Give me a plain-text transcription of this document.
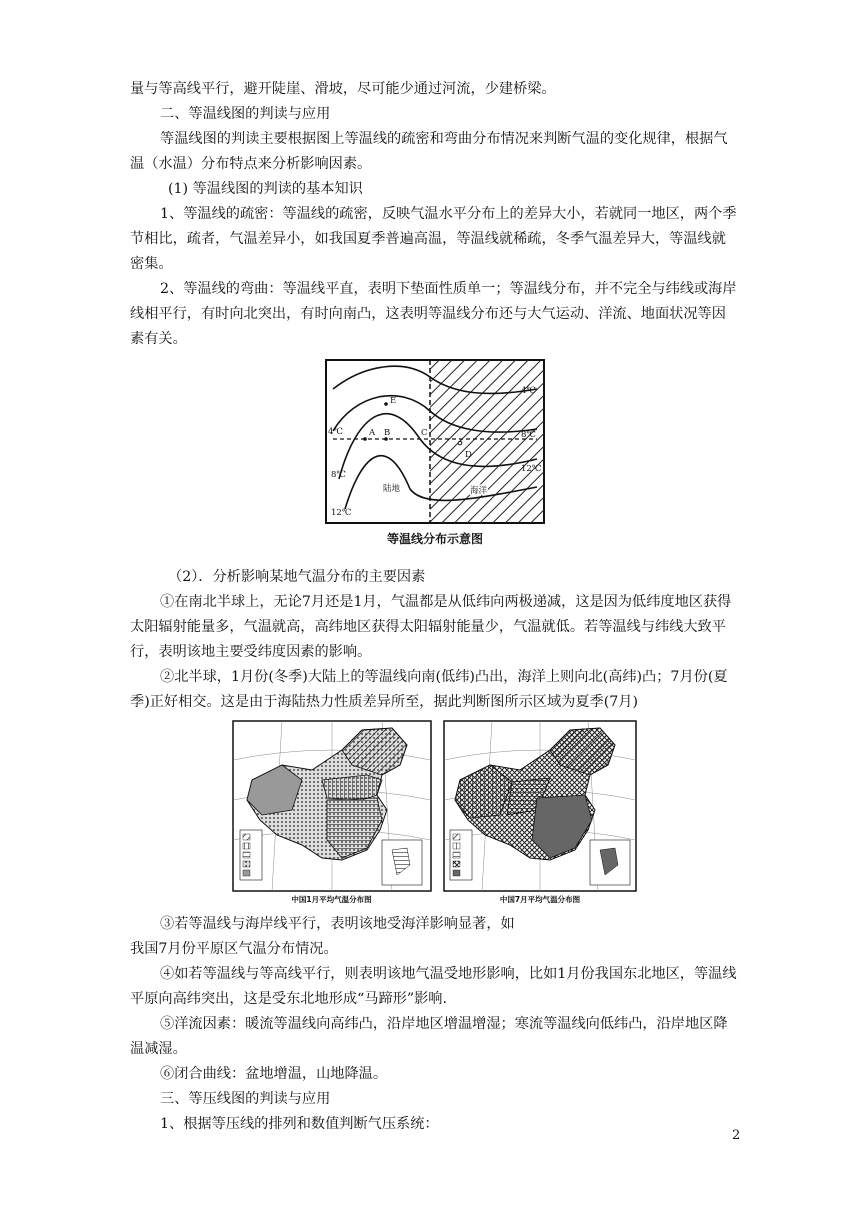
量与等高线平行，避开陡崖、滑坡，尽可能少通过河流，少建桥梁。
二、等温线图的判读与应用
等温线图的判读主要根据图上等温线的疏密和弯曲分布情况来判断气温的变化规律，根据气温（水温）分布特点来分析影响因素。
(1) 等温线图的判读的基本知识
1、等温线的疏密：等温线的疏密，反映气温水平分布上的差异大小，若就同一地区，两个季节相比，疏者，气温差异小，如我国夏季普遍高温，等温线就稀疏，冬季气温差异大，等温线就密集。
2、等温线的弯曲：等温线平直，表明下垫面性质单一；等温线分布，并不完全与纬线或海岸线相平行，有时向北突出，有时向南凸，这表明等温线分布还与大气运动、洋流、地面状况等因素有关。
4℃
8℃
12℃
4℃
8℃
12℃
A B	C
D
E
陆地	海洋
等温线分布示意图
（2）．分析影响某地气温分布的主要因素
①在南北半球上，无论7月还是1月，气温都是从低纬向两极递减，这是因为低纬度地区获得太阳辐射能量多，气温就高，高纬地区获得太阳辐射能量少，气温就低。若等温线与纬线大致平行，表明该地主要受纬度因素的影响。
②北半球，1月份(冬季)大陆上的等温线向南(低纬)凸出，海洋上则向北(高纬)凸；7月份(夏季)正好相交。这是由于海陆热力性质差异所至，据此判断图所示区域为夏季(7月)
中国1月平均气温分布图	中国7月平均气温分布图
③若等温线与海岸线平行，表明该地受海洋影响显著，如
我国7月份平原区气温分布情况。
④如若等温线与等高线平行，则表明该地气温受地形影响，比如1月份我国东北地区，等温线平原向高纬突出，这是受东北地形成“马蹄形”影响.
⑤洋流因素：暖流等温线向高纬凸，沿岸地区增温增湿；寒流等温线向低纬凸，沿岸地区降温减湿。
⑥闭合曲线：盆地增温，山地降温。
三、等压线图的判读与应用
1、根据等压线的排列和数值判断气压系统：
2
